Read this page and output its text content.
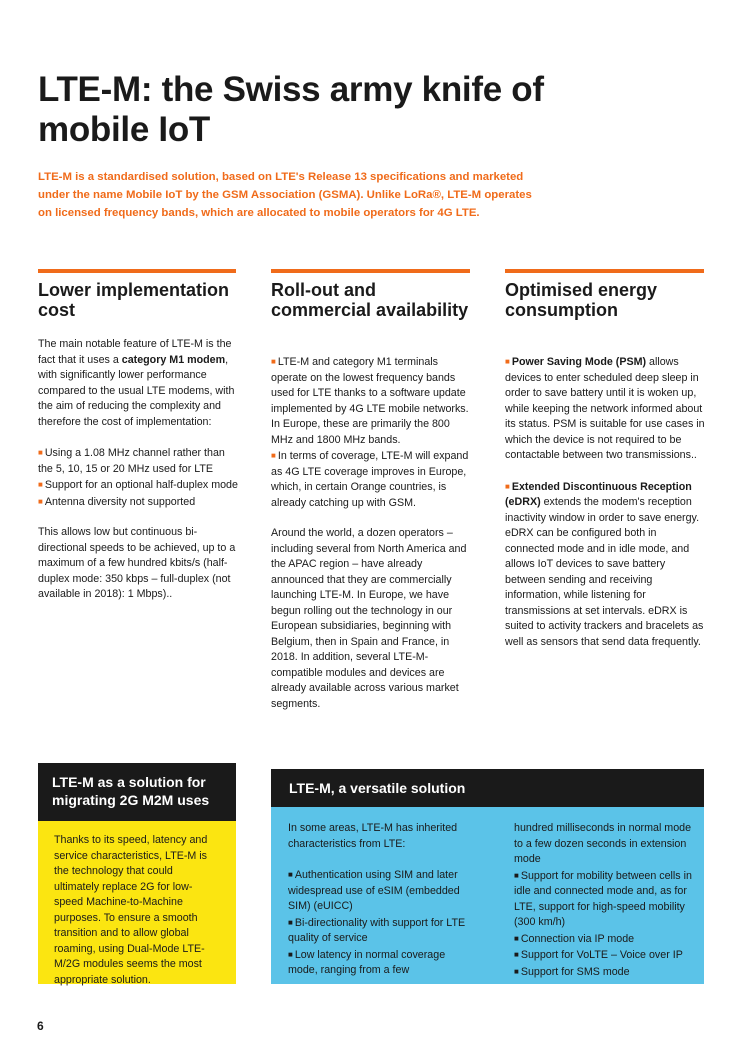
LTE-M: the Swiss army knife of mobile IoT
LTE-M is a standardised solution, based on LTE's Release 13 specifications and marketed under the name Mobile IoT by the GSM Association (GSMA). Unlike LoRa®, LTE-M operates on licensed frequency bands, which are allocated to mobile operators for 4G LTE.
Lower implementation cost

The main notable feature of LTE-M is the fact that it uses a category M1 modem, with significantly lower performance compared to the usual LTE modems, with the aim of reducing the complexity and therefore the cost of implementation:

■ Using a 1.08 MHz channel rather than the 5, 10, 15 or 20 MHz used for LTE
■ Support for an optional half-duplex mode
■ Antenna diversity not supported

This allows low but continuous bi-directional speeds to be achieved, up to a maximum of a few hundred kbits/s (half-duplex mode: 350 kbps – full-duplex (not available in 2018): 1 Mbps)..

Roll-out and commercial availability

■ LTE-M and category M1 terminals operate on the lowest frequency bands used for LTE thanks to a software update implemented by 4G LTE mobile networks. In Europe, these are primarily the 800 MHz and 1800 MHz bands.
■ In terms of coverage, LTE-M will expand as 4G LTE coverage improves in Europe, which, in certain Orange countries, is already catching up with GSM.

Around the world, a dozen operators – including several from North America and the APAC region – have already announced that they are commercially launching LTE-M. In Europe, we have begun rolling out the technology in our European subsidiaries, beginning with Belgium, then in Spain and France, in 2018. In addition, several LTE-M-compatible modules and devices are already available across various market segments.

Optimised energy consumption

■ Power Saving Mode (PSM) allows devices to enter scheduled deep sleep in order to save battery until it is woken up, while keeping the network informed about its status. PSM is suitable for use cases in which the device is not required to be contactable between two transmissions..

■ Extended Discontinuous Reception (eDRX) extends the modem's reception inactivity window in order to save energy. eDRX can be configured both in connected mode and in idle mode, and allows IoT devices to save battery between sending and receiving information, while listening for transmissions at set intervals. eDRX is suited to activity trackers and bracelets as well as sensors that send data frequently.

LTE-M as a solution for migrating 2G M2M uses
Thanks to its speed, latency and service characteristics, LTE-M is the technology that could ultimately replace 2G for low-speed Machine-to-Machine purposes. To ensure a smooth transition and to allow global roaming, using Dual-Mode LTE-M/2G modules seems the most appropriate solution.
LTE-M, a versatile solution

In some areas, LTE-M has inherited characteristics from LTE:

■ Authentication using SIM and later widespread use of eSIM (embedded SIM) (eUICC)
■ Bi-directionality with support for LTE quality of service
■ Low latency in normal coverage mode, ranging from a few
hundred milliseconds in normal mode to a few dozen seconds in extension mode
■ Support for mobility between cells in idle and connected mode and, as for LTE, support for high-speed mobility (300 km/h)
■ Connection via IP mode
■ Support for VoLTE – Voice over IP
■ Support for SMS mode
6
